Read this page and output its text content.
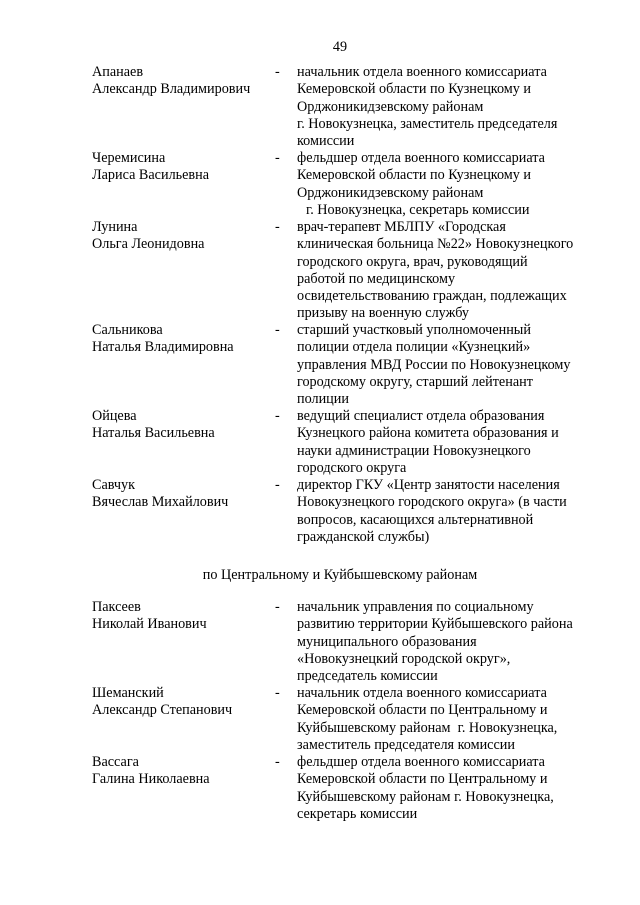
49
Апанаев
Александр Владимирович
- начальник отдела военного комиссариата
Кемеровской области по Кузнецкому и
Орджоникидзевскому районам
г. Новокузнецка, заместитель председателя
комиссии
Черемисина
Лариса Васильевна
- фельдшер отдела военного комиссариата
Кемеровской области по Кузнецкому и
Орджоникидзевскому районам
г. Новокузнецка, секретарь комиссии
Лунина
Ольга Леонидовна
- врач-терапевт МБЛПУ «Городская
клиническая больница №22» Новокузнецкого
городского округа, врач, руководящий
работой по медицинскому
освидетельствованию граждан, подлежащих
призыву на военную службу
Сальникова
Наталья Владимировна
- старший участковый уполномоченный
полиции отдела полиции «Кузнецкий»
управления МВД России по Новокузнецкому
городскому округу, старший лейтенант
полиции
Ойцева
Наталья Васильевна
- ведущий специалист отдела образования
Кузнецкого района комитета образования и
науки администрации Новокузнецкого
городского округа
Савчук
Вячеслав Михайлович
- директор ГКУ «Центр занятости населения
Новокузнецкого городского округа» (в части
вопросов, касающихся альтернативной
гражданской службы)
по Центральному и Куйбышевскому районам
Паксеев
Николай Иванович
- начальник управления по социальному
развитию территории Куйбышевского района
муниципального образования
«Новокузнецкий городской округ»,
председатель комиссии
Шеманский
Александр Степанович
- начальник отдела военного комиссариата
Кемеровской области по Центральному и
Куйбышевскому районам  г. Новокузнецка,
заместитель председателя комиссии
Вассага
Галина Николаевна
- фельдшер отдела военного комиссариата
Кемеровской области по Центральному и
Куйбышевскому районам г. Новокузнецка,
секретарь комиссии
